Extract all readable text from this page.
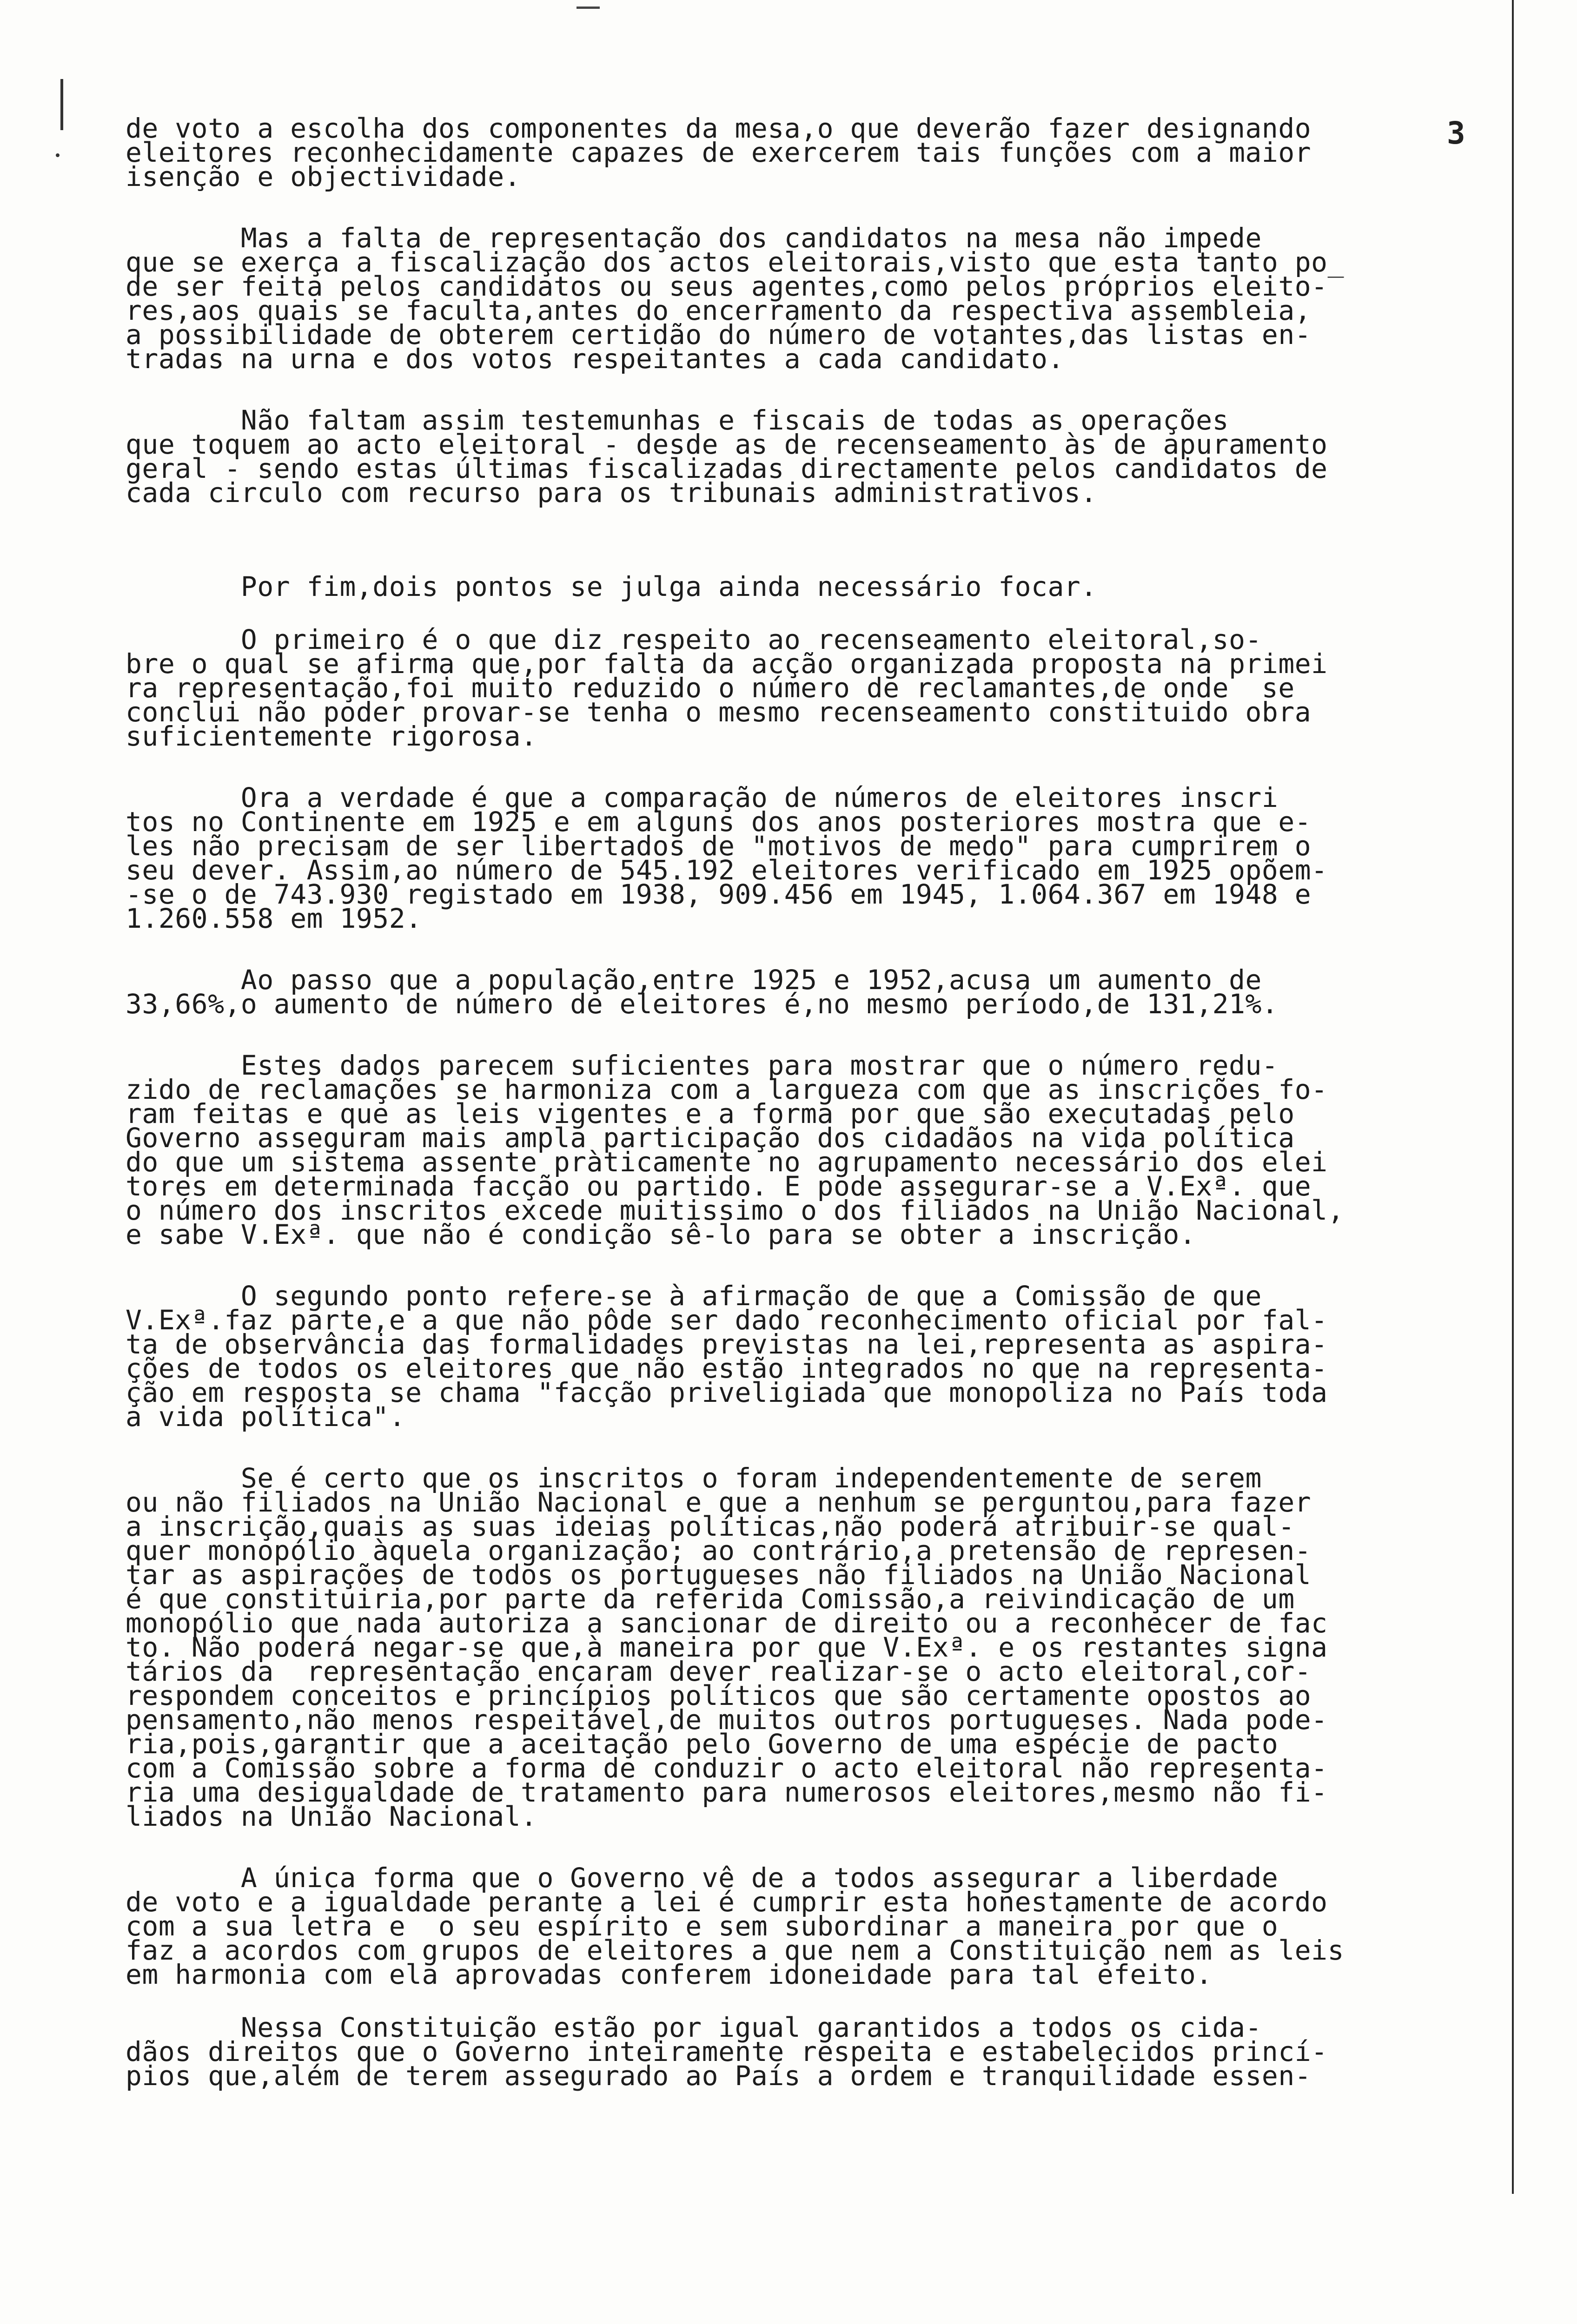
3
de voto a escolha dos componentes da mesa,o que deverão fazer designando
eleitores reconhecidamente capazes de exercerem tais funções com a maior
isenção e objectividade.
Mas a falta de representação dos candidatos na mesa não impede
que se exerça a fiscalização dos actos eleitorais,visto que esta tanto po_
de ser feita pelos candidatos ou seus agentes,como pelos próprios eleito-
res,aos quais se faculta,antes do encerramento da respectiva assembleia,
a possibilidade de obterem certidão do número de votantes,das listas en-
tradas na urna e dos votos respeitantes a cada candidato.
Não faltam assim testemunhas e fiscais de todas as operações
que toquem ao acto eleitoral - desde as de recenseamento às de apuramento
geral - sendo estas últimas fiscalizadas directamente pelos candidatos de
cada circulo com recurso para os tribunais administrativos.
Por fim,dois pontos se julga ainda necessário focar.
O primeiro é o que diz respeito ao recenseamento eleitoral,so-
bre o qual se afirma que,por falta da acção organizada proposta na primei
ra representação,foi muito reduzido o número de reclamantes,de onde  se
conclui não poder provar-se tenha o mesmo recenseamento constituido obra
suficientemente rigorosa.
Ora a verdade é que a comparação de números de eleitores inscri
tos no Continente em 1925 e em alguns dos anos posteriores mostra que e-
les não precisam de ser libertados de "motivos de medo" para cumprirem o
seu dever. Assim,ao número de 545.192 eleitores verificado em 1925 opõem-
-se o de 743.930 registado em 1938, 909.456 em 1945, 1.064.367 em 1948 e
1.260.558 em 1952.
Ao passo que a população,entre 1925 e 1952,acusa um aumento de
33,66%,o aumento de número de eleitores é,no mesmo período,de 131,21%.
Estes dados parecem suficientes para mostrar que o número redu-
zido de reclamações se harmoniza com a largueza com que as inscrições fo-
ram feitas e que as leis vigentes e a forma por que são executadas pelo
Governo asseguram mais ampla participação dos cidadãos na vida política
do que um sistema assente pràticamente no agrupamento necessário dos elei
tores em determinada facção ou partido. E pode assegurar-se a V.Exª. que
o número dos inscritos excede muitissimo o dos filiados na União Nacional,
e sabe V.Exª. que não é condição sê-lo para se obter a inscrição.
O segundo ponto refere-se à afirmação de que a Comissão de que
V.Exª.faz parte,e a que não pôde ser dado reconhecimento oficial por fal-
ta de observância das formalidades previstas na lei,representa as aspira-
ções de todos os eleitores que não estão integrados no que na representa-
ção em resposta se chama "facção priveligiada que monopoliza no País toda
a vida política".
Se é certo que os inscritos o foram independentemente de serem
ou não filiados na União Nacional e que a nenhum se perguntou,para fazer
a inscrição,quais as suas ideias políticas,não poderá atribuir-se qual-
quer monopólio àquela organização; ao contrário,a pretensão de represen-
tar as aspirações de todos os portugueses não filiados na União Nacional
é que constituiria,por parte da referida Comissão,a reivindicação de um
monopólio que nada autoriza a sancionar de direito ou a reconhecer de fac
to. Não poderá negar-se que,à maneira por que V.Exª. e os restantes signa
tários da  representação encaram dever realizar-se o acto eleitoral,cor-
respondem conceitos e princípios políticos que são certamente opostos ao
pensamento,não menos respeitável,de muitos outros portugueses. Nada pode-
ria,pois,garantir que a aceitação pelo Governo de uma espécie de pacto
com a Comissão sobre a forma de conduzir o acto eleitoral não representa-
ria uma desigualdade de tratamento para numerosos eleitores,mesmo não fi-
liados na União Nacional.
A única forma que o Governo vê de a todos assegurar a liberdade
de voto e a igualdade perante a lei é cumprir esta honestamente de acordo
com a sua letra e  o seu espírito e sem subordinar a maneira por que o
faz a acordos com grupos de eleitores a que nem a Constituição nem as leis
em harmonia com ela aprovadas conferem idoneidade para tal efeito.
Nessa Constituição estão por igual garantidos a todos os cida-
dãos direitos que o Governo inteiramente respeita e estabelecidos princí-
pios que,além de terem assegurado ao País a ordem e tranquilidade essen-
